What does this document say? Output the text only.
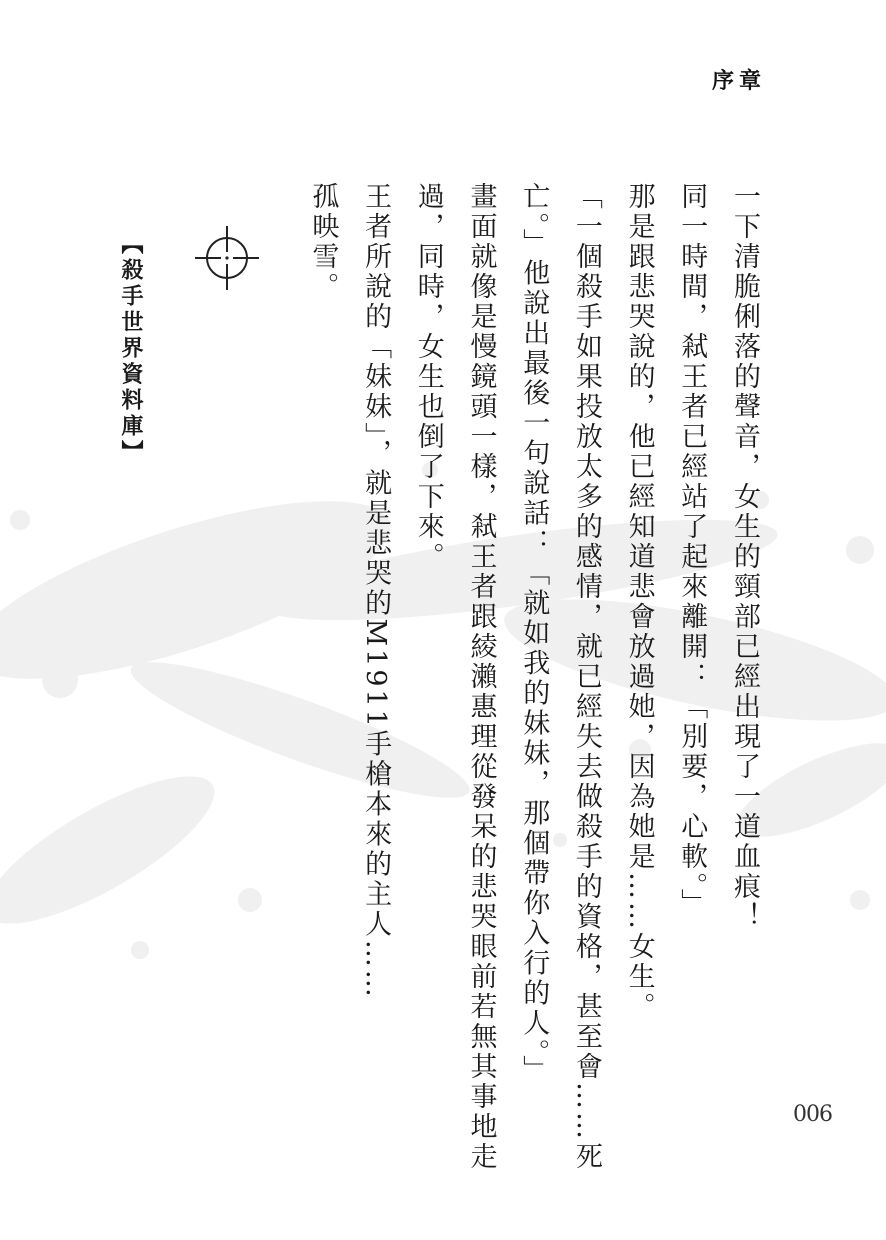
序章

一下清脆俐落的聲音，女生的頸部已經出現了一道血痕！

同一時間，弒王者已經站了起來離開：「別要，心軟。」

那是跟悲哭說的，他已經知道悲會放過她，因為她是……女生。

「一個殺手如果投放太多的感情，就已經失去做殺手的資格，甚至會……死亡。」他說出最後一句說話：「就如我的妹妹，那個帶你入行的人。」

畫面就像是慢鏡頭一樣，弒王者跟綾瀨惠理從發呆的悲哭眼前若無其事地走過，同時，女生也倒了下來。

王者所說的「妹妹」，就是悲哭的M1911手槍本來的主人……

孤映雪。

【殺手世界資料庫】
006
